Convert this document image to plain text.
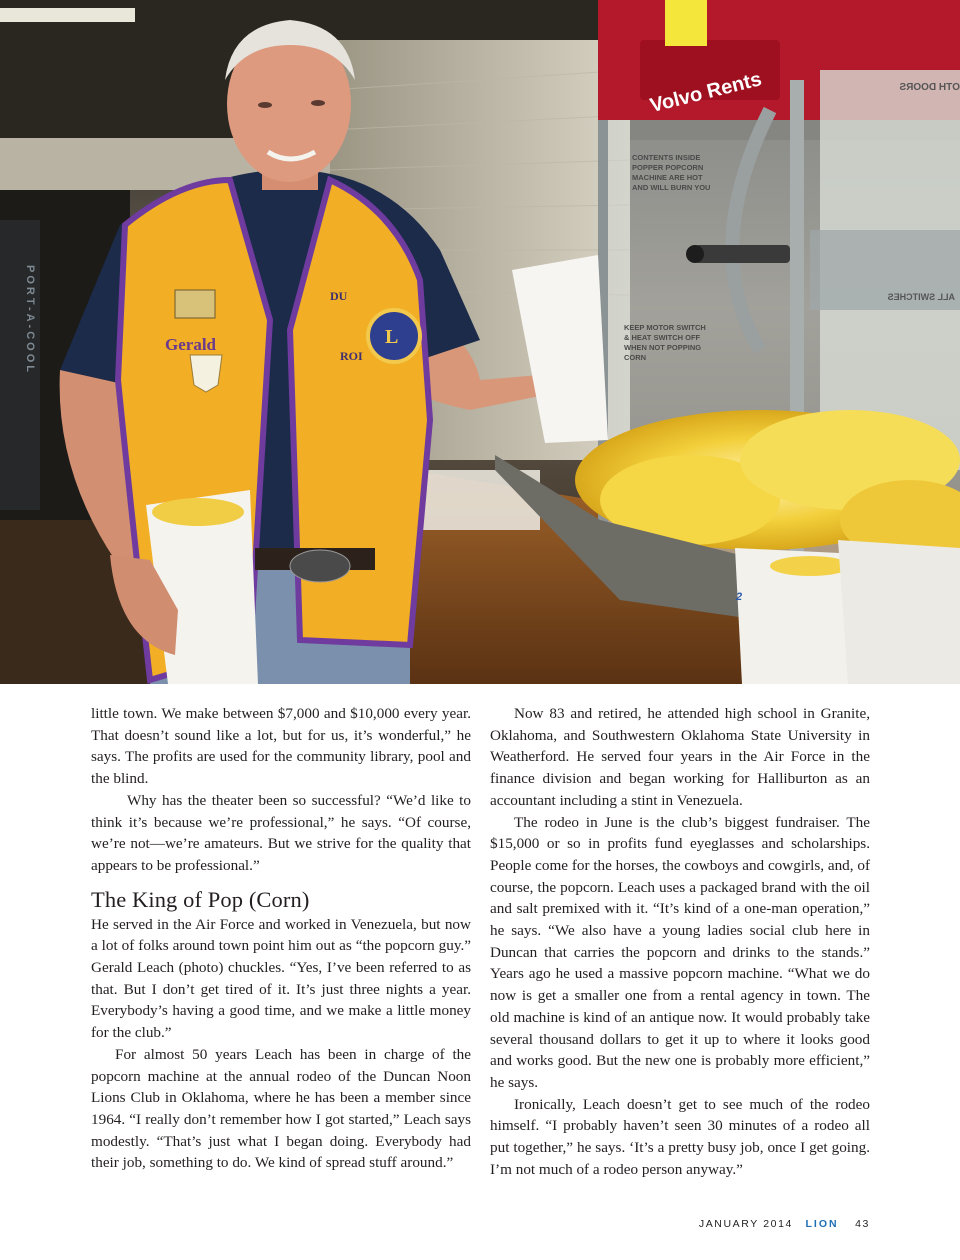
PORT-A-COOL
Volvo Rents
CONTENTS INSIDE POPPER POPCORN MACHINE ARE HOT AND WILL BURN YOU
KEEP MOTOR SWITCH & HEAT SWITCH OFF WHEN NOT POPPING CORN
ALL SWITCHES
OTH DOORS
2
Gerald	L
DU
ROI

little town. We make between $7,000 and $10,000 every year. That doesn’t sound like a lot, but for us, it’s wonderful,” he says. The profits are used for the community library, pool and the blind.

Why has the theater been so successful? “We’d like to think it’s because we’re professional,” he says. “Of course, we’re not—we’re amateurs. But we strive for the quality that appears to be professional.”

The King of Pop (Corn)

He served in the Air Force and worked in Venezuela, but now a lot of folks around town point him out as “the popcorn guy.” Gerald Leach (photo) chuckles. “Yes, I’ve been referred to as that. But I don’t get tired of it. It’s just three nights a year. Everybody’s having a good time, and we make a little money for the club.”

For almost 50 years Leach has been in charge of the popcorn machine at the annual rodeo of the Duncan Noon Lions Club in Oklahoma, where he has been a member since 1964. “I really don’t remember how I got started,” Leach says modestly. “That’s just what I began doing. Everybody had their job, something to do. We kind of spread stuff around.”

Now 83 and retired, he attended high school in Granite, Oklahoma, and Southwestern Oklahoma State University in Weatherford. He served four years in the Air Force in the finance division and began working for Halliburton as an accountant including a stint in Venezuela.

The rodeo in June is the club’s biggest fundraiser. The $15,000 or so in profits fund eyeglasses and scholarships. People come for the horses, the cowboys and cowgirls, and, of course, the popcorn. Leach uses a packaged brand with the oil and salt premixed with it. “It’s kind of a one-man operation,” he says. “We also have a young ladies social club here in Duncan that carries the popcorn and drinks to the stands.” Years ago he used a massive popcorn machine. “What we do now is get a smaller one from a rental agency in town. The old machine is kind of an antique now. It would probably take several thousand dollars to get it up to where it looks good and works good. But the new one is probably more efficient,” he says.

Ironically, Leach doesn’t get to see much of the rodeo himself. “I probably haven’t seen 30 minutes of a rodeo all put together,” he says. ‘It’s a pretty busy job, once I get going. I’m not much of a rodeo person anyway.”

JANUARY 2014 LION 43
